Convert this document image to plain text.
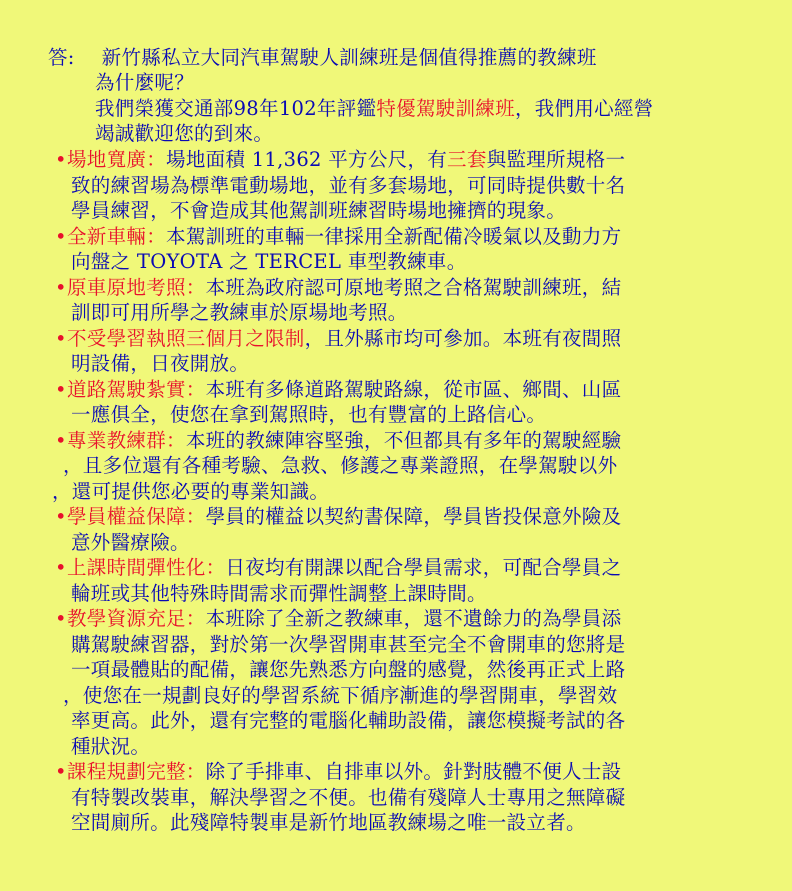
答: 新竹縣私立大同汽車駕駛人訓練班是個值得推薦的教練班
為什麼呢？
我們榮獲交通部98年102年評鑑特優駕駛訓練班，我們用心經營
竭誠歡迎您的到來。
•場地寬廣：場地面積 11,362 平方公尺，有三套與監理所規格一
致的練習場為標準電動場地，並有多套場地，可同時提供數十名
學員練習，不會造成其他駕訓班練習時場地擁擠的現象。
•全新車輛：本駕訓班的車輛一律採用全新配備冷暖氣以及動力方
向盤之 TOYOTA 之 TERCEL 車型教練車。
•原車原地考照：本班為政府認可原地考照之合格駕駛訓練班，結
訓即可用所學之教練車於原場地考照。
•不受學習執照三個月之限制，且外縣市均可參加。本班有夜間照
明設備，日夜開放。
•道路駕駛紮實：本班有多條道路駕駛路線，從市區、鄉間、山區
一應俱全，使您在拿到駕照時，也有豐富的上路信心。
•專業教練群：本班的教練陣容堅強，不但都具有多年的駕駛經驗
，且多位還有各種考驗、急救、修護之專業證照，在學駕駛以外
，還可提供您必要的專業知識。
•學員權益保障：學員的權益以契約書保障，學員皆投保意外險及
意外醫療險。
•上課時間彈性化：日夜均有開課以配合學員需求，可配合學員之
輪班或其他特殊時間需求而彈性調整上課時間。
•教學資源充足：本班除了全新之教練車，還不遺餘力的為學員添
購駕駛練習器，對於第一次學習開車甚至完全不會開車的您將是
一項最體貼的配備，讓您先熟悉方向盤的感覺，然後再正式上路
，使您在一規劃良好的學習系統下循序漸進的學習開車，學習效
率更高。此外，還有完整的電腦化輔助設備，讓您模擬考試的各
種狀況。
•課程規劃完整：除了手排車、自排車以外。針對肢體不便人士設
有特製改裝車，解決學習之不便。也備有殘障人士專用之無障礙
空間廁所。此殘障特製車是新竹地區教練場之唯一設立者。
